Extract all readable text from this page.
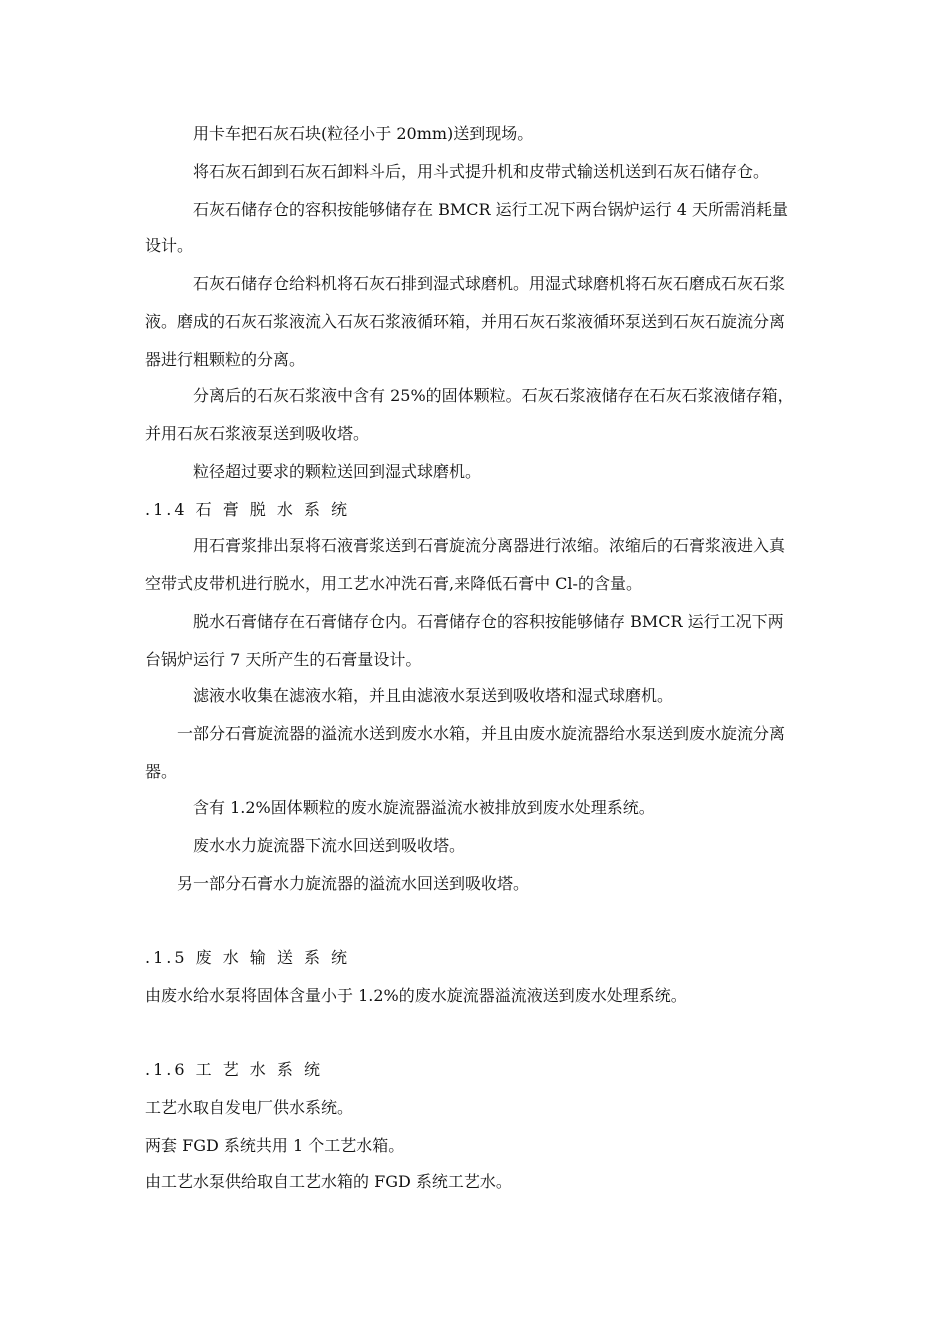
用卡车把石灰石块(粒径小于 20mm)送到现场。
将石灰石卸到石灰石卸料斗后，用斗式提升机和皮带式输送机送到石灰石储存仓。
石灰石储存仓的容积按能够储存在 BMCR 运行工况下两台锅炉运行 4 天所需消耗量
设计。
石灰石储存仓给料机将石灰石排到湿式球磨机。用湿式球磨机将石灰石磨成石灰石浆
液。磨成的石灰石浆液流入石灰石浆液循环箱，并用石灰石浆液循环泵送到石灰石旋流分离
器进行粗颗粒的分离。
分离后的石灰石浆液中含有 25%的固体颗粒。石灰石浆液储存在石灰石浆液储存箱，
并用石灰石浆液泵送到吸收塔。
粒径超过要求的颗粒送回到湿式球磨机。
.1.4 石 膏 脱 水 系 统
用石膏浆排出泵将石液膏浆送到石膏旋流分离器进行浓缩。浓缩后的石膏浆液进入真
空带式皮带机进行脱水，用工艺水冲洗石膏,来降低石膏中 Cl-的含量。
脱水石膏储存在石膏储存仓内。石膏储存仓的容积按能够储存 BMCR 运行工况下两
台锅炉运行 7 天所产生的石膏量设计。
滤液水收集在滤液水箱，并且由滤液水泵送到吸收塔和湿式球磨机。
一部分石膏旋流器的溢流水送到废水水箱，并且由废水旋流器给水泵送到废水旋流分离
器。
含有 1.2%固体颗粒的废水旋流器溢流水被排放到废水处理系统。
废水水力旋流器下流水回送到吸收塔。
另一部分石膏水力旋流器的溢流水回送到吸收塔。
.1.5 废 水 输 送 系 统
由废水给水泵将固体含量小于 1.2%的废水旋流器溢流液送到废水处理系统。
.1.6 工 艺 水 系 统
工艺水取自发电厂供水系统。
两套 FGD 系统共用 1 个工艺水箱。
由工艺水泵供给取自工艺水箱的 FGD 系统工艺水。
